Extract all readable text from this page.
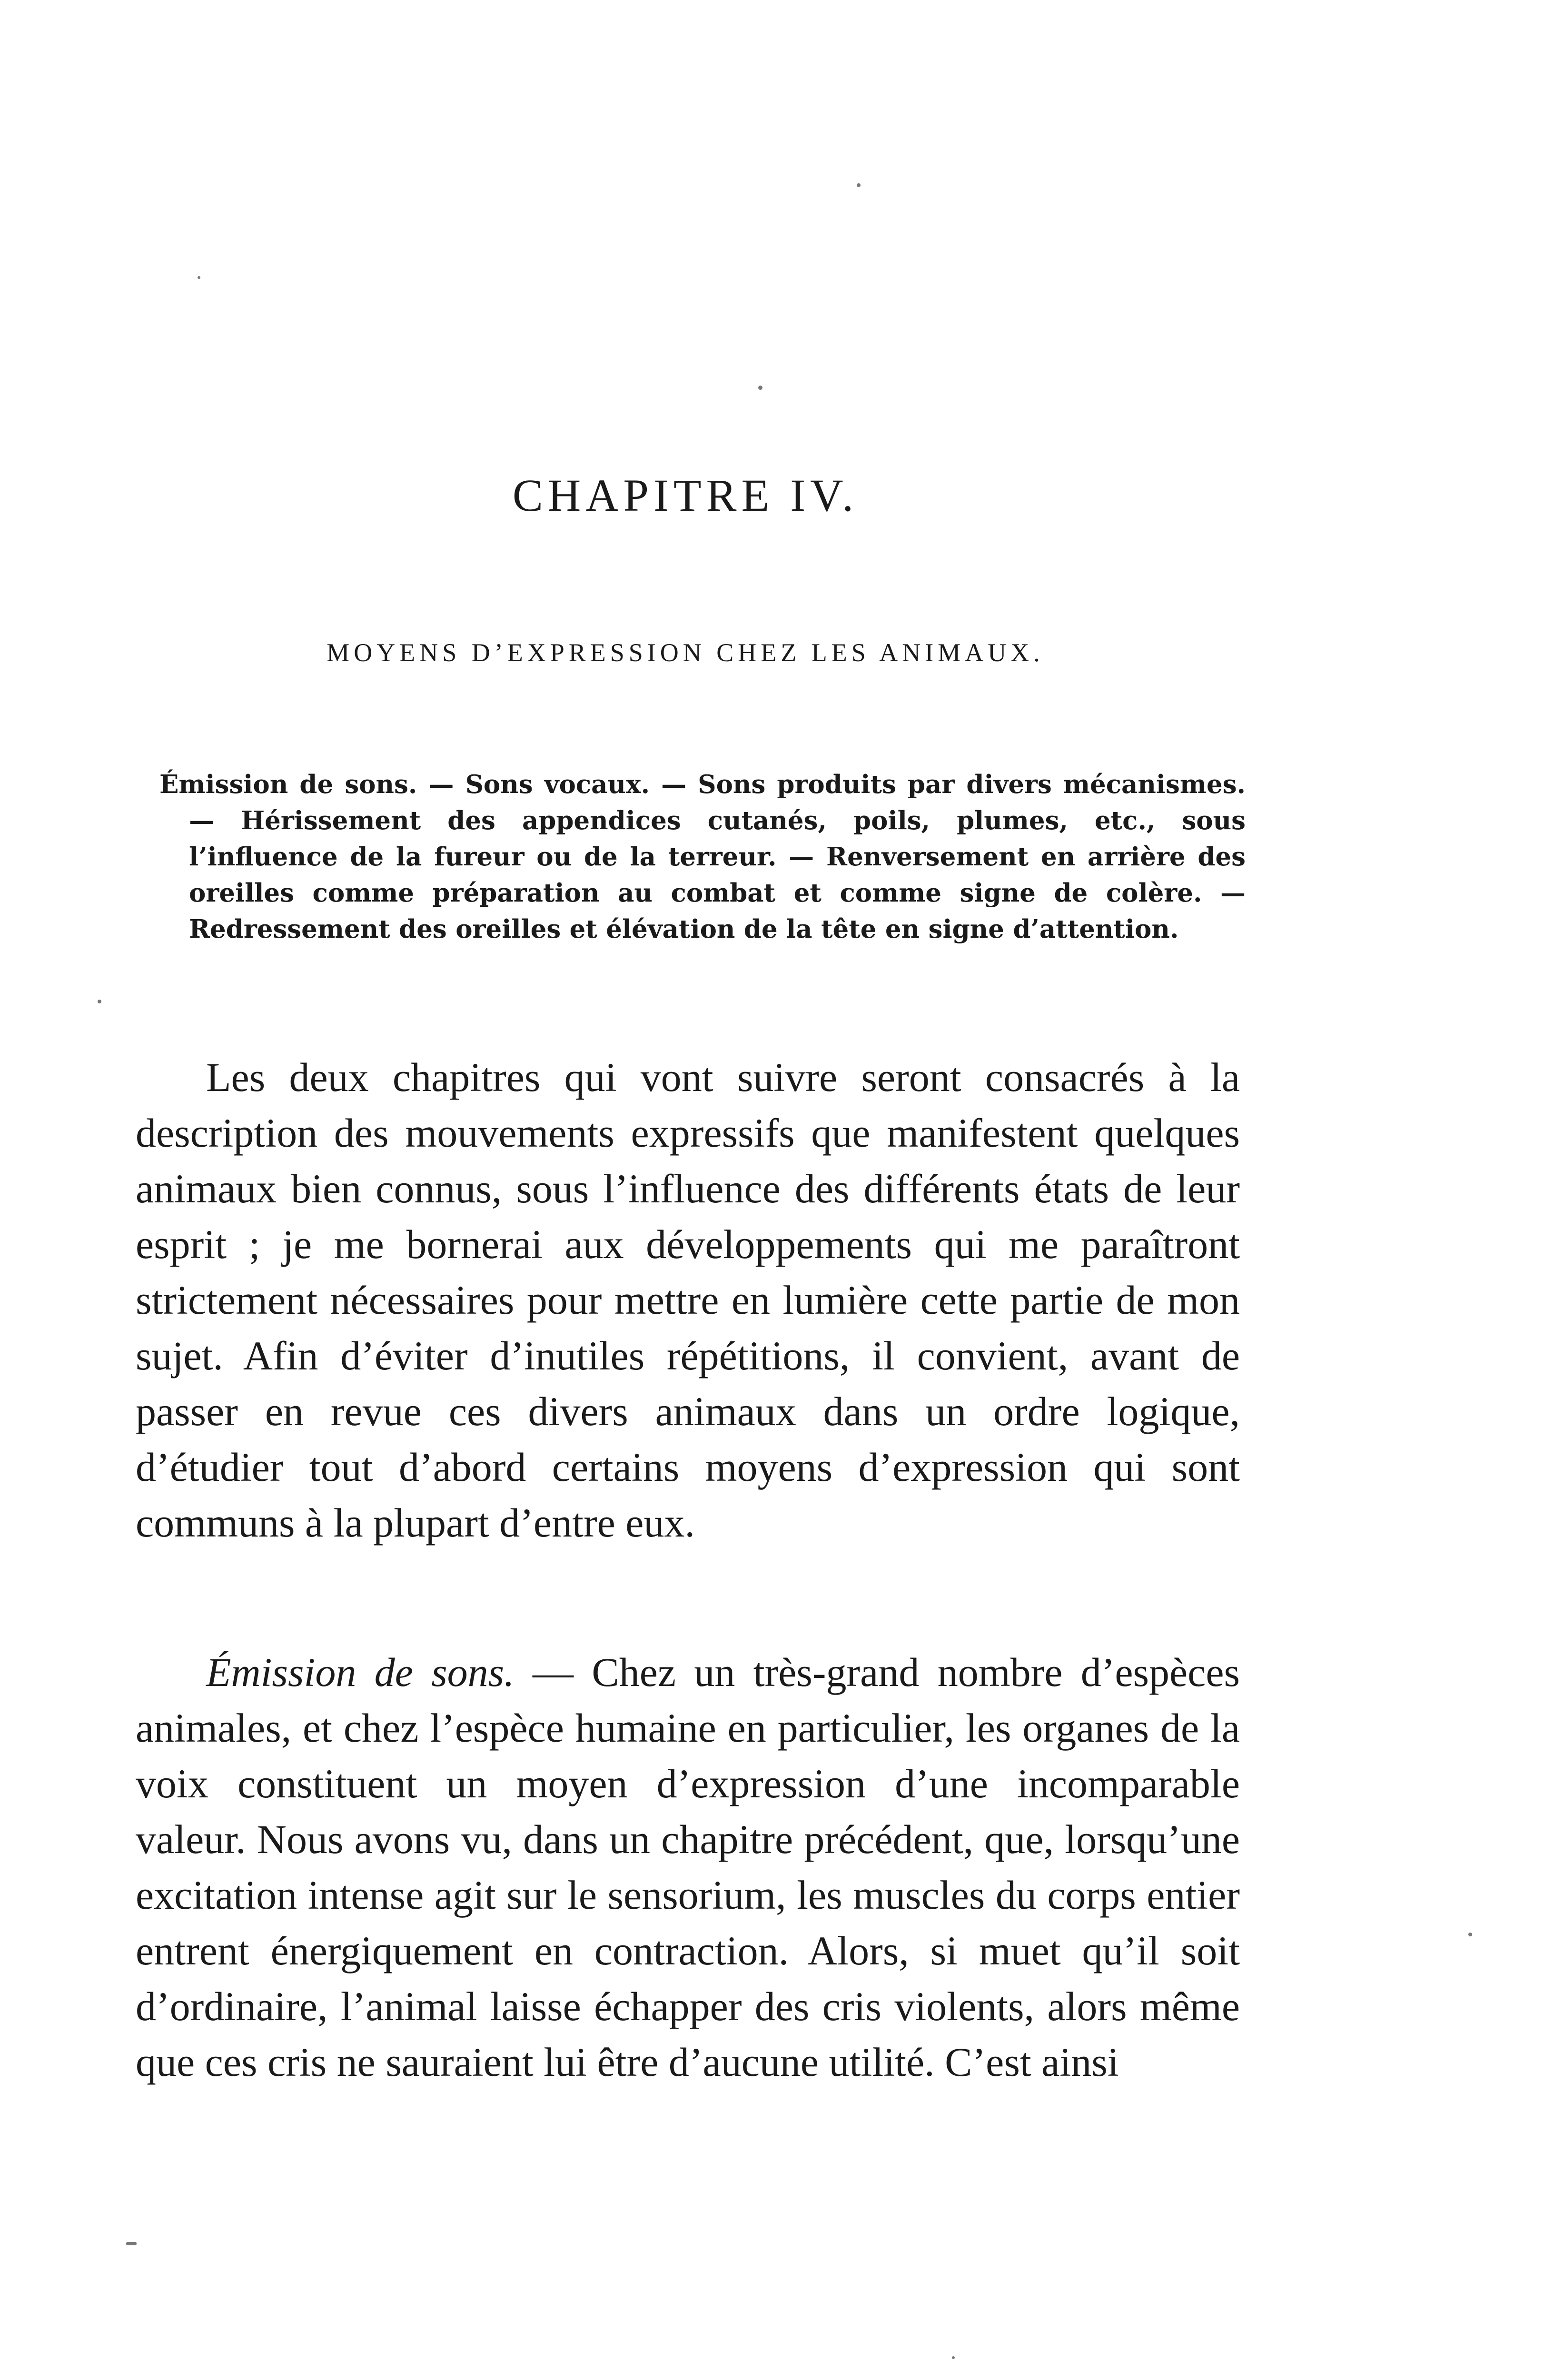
CHAPITRE IV.
MOYENS D’EXPRESSION CHEZ LES ANIMAUX.

Émission de sons. — Sons vocaux. — Sons produits par divers mécanismes. — Hérissement des appendices cutanés, poils, plumes, etc., sous l’influence de la fureur ou de la terreur. — Renversement en arrière des oreilles comme préparation au combat et comme signe de colère. — Redressement des oreilles et élévation de la tête en signe d’attention.

Les deux chapitres qui vont suivre seront consacrés à la description des mouvements expressifs que manifestent quelques animaux bien connus, sous l’influence des différents états de leur esprit ; je me bornerai aux développements qui me paraîtront strictement nécessaires pour mettre en lumière cette partie de mon sujet. Afin d’éviter d’inutiles répétitions, il convient, avant de passer en revue ces divers animaux dans un ordre logique, d’étudier tout d’abord certains moyens d’expression qui sont communs à la plupart d’entre eux.

Émission de sons. — Chez un très-grand nombre d’espèces animales, et chez l’espèce humaine en particulier, les organes de la voix constituent un moyen d’expression d’une incomparable valeur. Nous avons vu, dans un chapitre précédent, que, lorsqu’une excitation intense agit sur le sensorium, les muscles du corps entier entrent énergiquement en contraction. Alors, si muet qu’il soit d’ordinaire, l’animal laisse échapper des cris violents, alors même que ces cris ne sauraient lui être d’aucune utilité. C’est ainsi
